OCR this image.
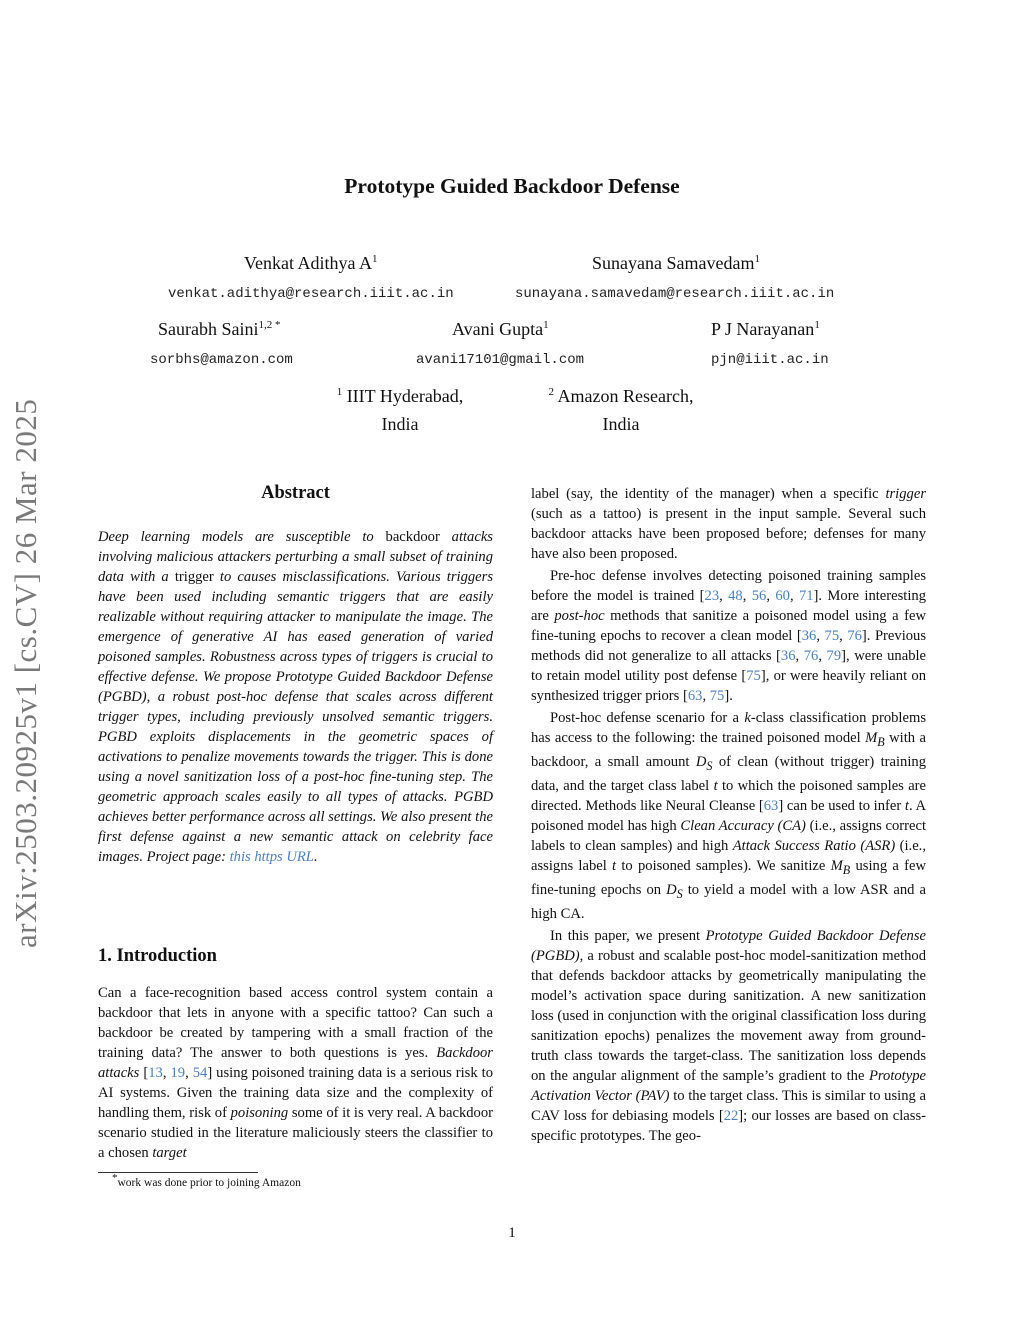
arXiv:2503.20925v1 [cs.CV] 26 Mar 2025
Prototype Guided Backdoor Defense
Venkat Adithya $A^1$
venkat.adithya@research.iiit.ac.in
Sunayana Samavedam$^1$
sunayana.samavedam@research.iiit.ac.in
Saurabh Saini$^{1,2 *}$
sorbhs@amazon.com
Avani Gupta$^1$
avani17101@gmail.com
P J Narayanan$^1$
pjn@iiit.ac.in
$^1$ IIIT Hyderabad,
India
$^2$ Amazon Research,
India
Abstract
Deep learning models are susceptible to backdoor attacks involving malicious attackers perturbing a small subset of training data with a trigger to causes misclassifications. Various triggers have been used including semantic triggers that are easily realizable without requiring attacker to manipulate the image. The emergence of generative AI has eased generation of varied poisoned samples. Robustness across types of triggers is crucial to effective defense. We propose Prototype Guided Backdoor Defense (PGBD), a robust post-hoc defense that scales across different trigger types, including previously unsolved semantic triggers. PGBD exploits displacements in the geometric spaces of activations to penalize movements towards the trigger. This is done using a novel sanitization loss of a post-hoc fine-tuning step. The geometric approach scales easily to all types of attacks. PGBD achieves better performance across all settings. We also present the first defense against a new semantic attack on celebrity face images. Project page: this https URL.
1. Introduction
Can a face-recognition based access control system contain a backdoor that lets in anyone with a specific tattoo? Can such a backdoor be created by tampering with a small fraction of the training data? The answer to both questions is yes. Backdoor attacks [13, 19, 54] using poisoned training data is a serious risk to AI systems. Given the training data size and the complexity of handling them, risk of poisoning some of it is very real. A backdoor scenario studied in the literature maliciously steers the classifier to a chosen target

label (say, the identity of the manager) when a specific trigger (such as a tattoo) is present in the input sample. Several such backdoor attacks have been proposed before; defenses for many have also been proposed.

Pre-hoc defense involves detecting poisoned training samples before the model is trained [23, 48, 56, 60, 71]. More interesting are post-hoc methods that sanitize a poisoned model using a few fine-tuning epochs to recover a clean model [36, 75, 76]. Previous methods did not generalize to all attacks [36, 76, 79], were unable to retain model utility post defense [75], or were heavily reliant on synthesized trigger priors [63, 75].

Post-hoc defense scenario for a k-class classification problems has access to the following: the trained poisoned model $M_B$ with a backdoor, a small amount $D_S$ of clean (without trigger) training data, and the target class label t to which the poisoned samples are directed. Methods like Neural Cleanse [63] can be used to infer t. A poisoned model has high Clean Accuracy (CA) (i.e., assigns correct labels to clean samples) and high Attack Success Ratio (ASR) (i.e., assigns label t to poisoned samples). We sanitize $M_B$ using a few fine-tuning epochs on $D_S$ to yield a model with a low ASR and a high CA.

In this paper, we present Prototype Guided Backdoor Defense (PGBD), a robust and scalable post-hoc model-sanitization method that defends backdoor attacks by geometrically manipulating the model’s activation space during sanitization. A new sanitization loss (used in conjunction with the original classification loss during sanitization epochs) penalizes the movement away from ground-truth class towards the target-class. The sanitization loss depends on the angular alignment of the sample’s gradient to the Prototype Activation Vector (PAV) to the target class. This is similar to using a CAV loss for debiasing models [22]; our losses are based on class-specific prototypes. The geo-

*work was done prior to joining Amazon
1
